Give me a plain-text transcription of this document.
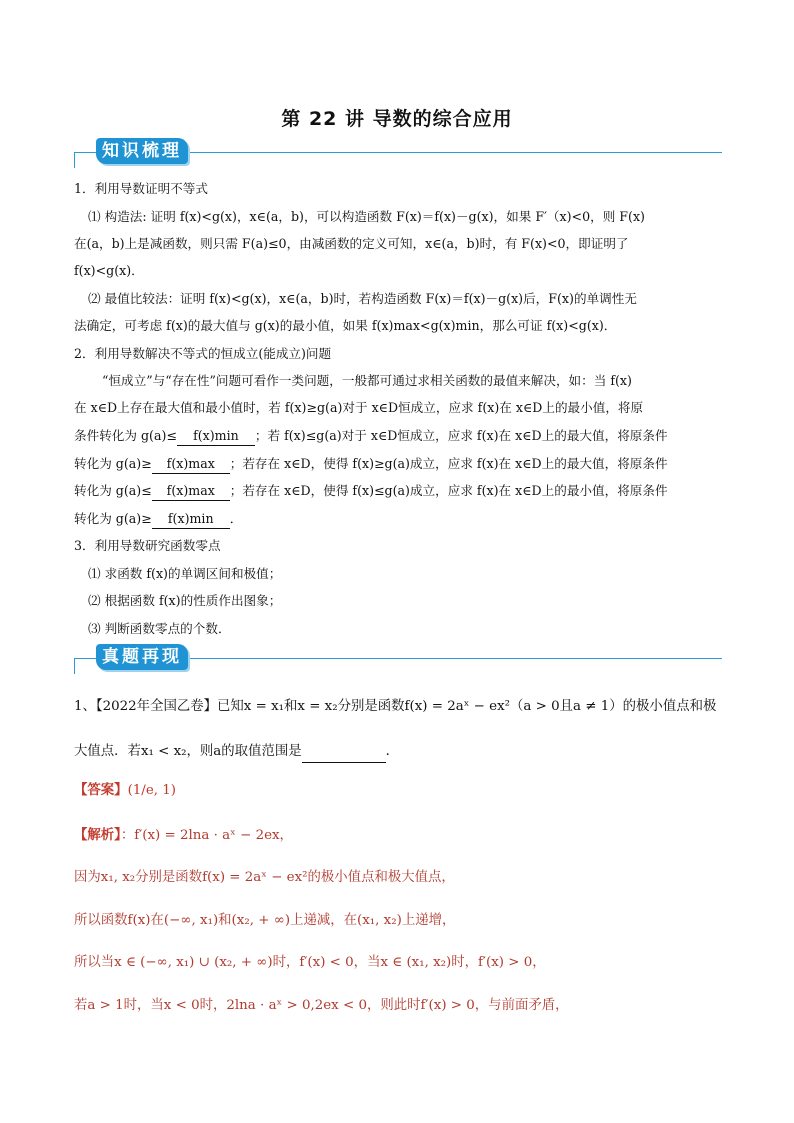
第 22 讲 导数的综合应用
知识梳理
1．利用导数证明不等式
⑴ 构造法: 证明 f(x)<g(x)，x∈(a，b)，可以构造函数 F(x)＝f(x)－g(x)，如果 F′（x)<0，则 F(x)
在(a，b)上是减函数，则只需 F(a)≤0，由减函数的定义可知，x∈(a，b)时，有 F(x)<0，即证明了
f(x)<g(x)．
⑵ 最值比较法：证明 f(x)<g(x)，x∈(a，b)时，若构造函数 F(x)＝f(x)－g(x)后，F(x)的单调性无
法确定，可考虑 f(x)的最大值与 g(x)的最小值，如果 f(x)max<g(x)min，那么可证 f(x)<g(x)．
2．利用导数解决不等式的恒成立(能成立)问题
“恒成立”与“存在性”问题可看作一类问题，一般都可通过求相关函数的最值来解决，如：当 f(x)
在 x∈D上存在最大值和最小值时，若 f(x)≥g(a)对于 x∈D恒成立，应求 f(x)在 x∈D上的最小值，将原
条件转化为 g(a)≤ f(x)min ；若 f(x)≤g(a)对于 x∈D恒成立，应求 f(x)在 x∈D上的最大值，将原条件
转化为 g(a)≥ f(x)max ；若存在 x∈D，使得 f(x)≥g(a)成立，应求 f(x)在 x∈D上的最大值，将原条件
转化为 g(a)≤ f(x)max ；若存在 x∈D，使得 f(x)≤g(a)成立，应求 f(x)在 x∈D上的最小值，将原条件
转化为 g(a)≥ f(x)min ．
3．利用导数研究函数零点
⑴ 求函数 f(x)的单调区间和极值；
⑵ 根据函数 f(x)的性质作出图象；
⑶ 判断函数零点的个数．
真题再现
1、【2022年全国乙卷】已知x = x₁和x = x₂分别是函数f(x) = 2aˣ − ex²（a > 0且a ≠ 1）的极小值点和极
大值点．若x₁ < x₂，则a的取值范围是	．
【答案】(1/e, 1)
【解析】：f′(x) = 2lna · aˣ − 2ex，
因为x₁, x₂分别是函数f(x) = 2aˣ − ex²的极小值点和极大值点，
所以函数f(x)在(−∞, x₁)和(x₂, + ∞)上递减，在(x₁, x₂)上递增，
所以当x ∈ (−∞, x₁) ∪ (x₂, + ∞)时，f′(x) < 0，当x ∈ (x₁, x₂)时，f′(x) > 0，
若a > 1时，当x < 0时，2lna · aˣ > 0,2ex < 0，则此时f′(x) > 0，与前面矛盾，
